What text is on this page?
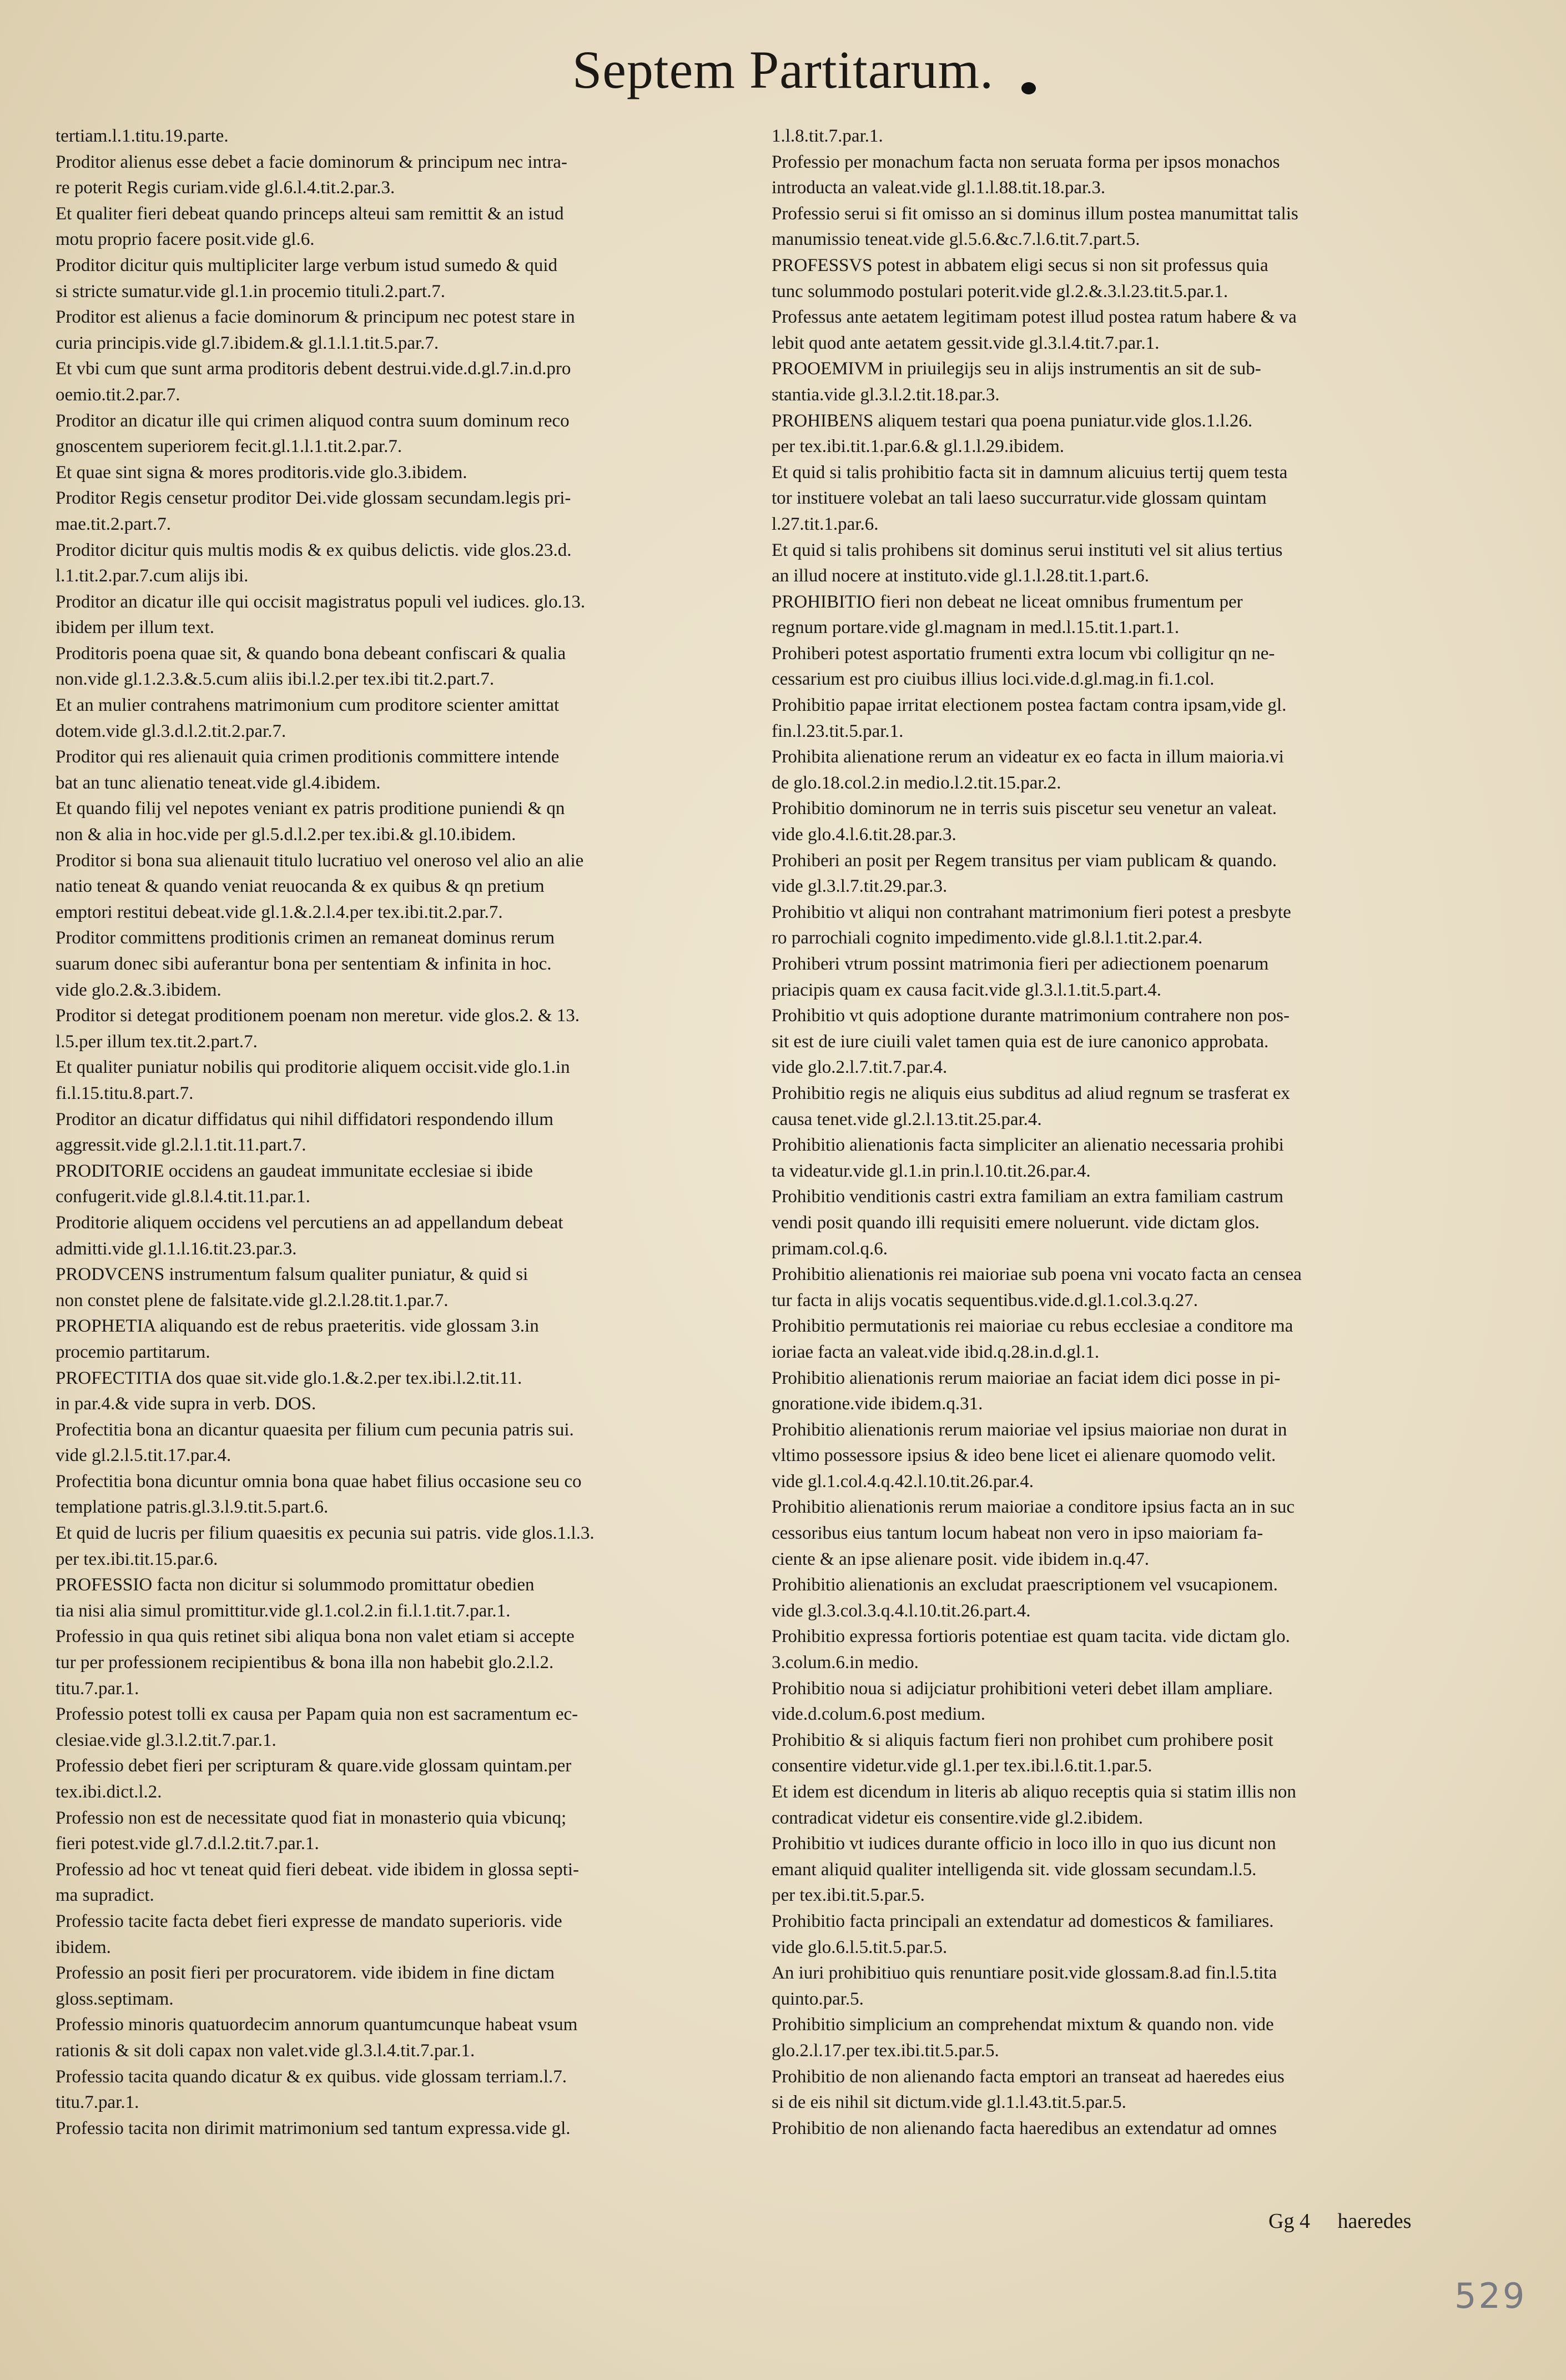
Septem Partitarum.
tertiam.l.1.titu.19.parte.
Proditor alienus esse debet a facie dominorum & principum nec intra-
re poterit Regis curiam.vide gl.6.l.4.tit.2.par.3.
Et qualiter fieri debeat quando princeps alteui sam remittit & an istud
motu proprio facere posit.vide gl.6.
Proditor dicitur quis multipliciter large verbum istud sumedo & quid
si stricte sumatur.vide gl.1.in procemio tituli.2.part.7.
Proditor est alienus a facie dominorum & principum nec potest stare in
curia principis.vide gl.7.ibidem.& gl.1.l.1.tit.5.par.7.
Et vbi cum que sunt arma proditoris debent destrui.vide.d.gl.7.in.d.pro
oemio.tit.2.par.7.
Proditor an dicatur ille qui crimen aliquod contra suum dominum reco
gnoscentem superiorem fecit.gl.1.l.1.tit.2.par.7.
Et quae sint signa & mores proditoris.vide glo.3.ibidem.
Proditor Regis censetur proditor Dei.vide glossam secundam.legis pri-
mae.tit.2.part.7.
Proditor dicitur quis multis modis & ex quibus delictis. vide glos.23.d.
l.1.tit.2.par.7.cum alijs ibi.
Proditor an dicatur ille qui occisit magistratus populi vel iudices. glo.13.
ibidem per illum text.
Proditoris poena quae sit, & quando bona debeant confiscari & qualia
non.vide gl.1.2.3.&.5.cum aliis ibi.l.2.per tex.ibi tit.2.part.7.
Et an mulier contrahens matrimonium cum proditore scienter amittat
dotem.vide gl.3.d.l.2.tit.2.par.7.
Proditor qui res alienauit quia crimen proditionis committere intende
bat an tunc alienatio teneat.vide gl.4.ibidem.
Et quando filij vel nepotes veniant ex patris proditione puniendi & qn
non & alia in hoc.vide per gl.5.d.l.2.per tex.ibi.& gl.10.ibidem.
Proditor si bona sua alienauit titulo lucratiuo vel oneroso vel alio an alie
natio teneat & quando veniat reuocanda & ex quibus & qn pretium
emptori restitui debeat.vide gl.1.&.2.l.4.per tex.ibi.tit.2.par.7.
Proditor committens proditionis crimen an remaneat dominus rerum
suarum donec sibi auferantur bona per sententiam & infinita in hoc.
vide glo.2.&.3.ibidem.
Proditor si detegat proditionem poenam non meretur. vide glos.2. & 13.
l.5.per illum tex.tit.2.part.7.
Et qualiter puniatur nobilis qui proditorie aliquem occisit.vide glo.1.in
fi.l.15.titu.8.part.7.
Proditor an dicatur diffidatus qui nihil diffidatori respondendo illum
aggressit.vide gl.2.l.1.tit.11.part.7.
PRODITORIE occidens an gaudeat immunitate ecclesiae si ibide
confugerit.vide gl.8.l.4.tit.11.par.1.
Proditorie aliquem occidens vel percutiens an ad appellandum debeat
admitti.vide gl.1.l.16.tit.23.par.3.
PRODVCENS instrumentum falsum qualiter puniatur, & quid si
non constet plene de falsitate.vide gl.2.l.28.tit.1.par.7.
PROPHETIA aliquando est de rebus praeteritis. vide glossam 3.in
procemio partitarum.
PROFECTITIA dos quae sit.vide glo.1.&.2.per tex.ibi.l.2.tit.11.
in par.4.& vide supra in verb. DOS.
Profectitia bona an dicantur quaesita per filium cum pecunia patris sui.
vide gl.2.l.5.tit.17.par.4.
Profectitia bona dicuntur omnia bona quae habet filius occasione seu co
templatione patris.gl.3.l.9.tit.5.part.6.
Et quid de lucris per filium quaesitis ex pecunia sui patris. vide glos.1.l.3.
per tex.ibi.tit.15.par.6.
PROFESSIO facta non dicitur si solummodo promittatur obedien
tia nisi alia simul promittitur.vide gl.1.col.2.in fi.l.1.tit.7.par.1.
Professio in qua quis retinet sibi aliqua bona non valet etiam si accepte
tur per professionem recipientibus & bona illa non habebit glo.2.l.2.
titu.7.par.1.
Professio potest tolli ex causa per Papam quia non est sacramentum ec-
clesiae.vide gl.3.l.2.tit.7.par.1.
Professio debet fieri per scripturam & quare.vide glossam quintam.per
tex.ibi.dict.l.2.
Professio non est de necessitate quod fiat in monasterio quia vbicunq;
fieri potest.vide gl.7.d.l.2.tit.7.par.1.
Professio ad hoc vt teneat quid fieri debeat. vide ibidem in glossa septi-
ma supradict.
Professio tacite facta debet fieri expresse de mandato superioris. vide
ibidem.
Professio an posit fieri per procuratorem. vide ibidem in fine dictam
gloss.septimam.
Professio minoris quatuordecim annorum quantumcunque habeat vsum
rationis & sit doli capax non valet.vide gl.3.l.4.tit.7.par.1.
Professio tacita quando dicatur & ex quibus. vide glossam terriam.l.7.
titu.7.par.1.
Professio tacita non dirimit matrimonium sed tantum expressa.vide gl.
1.l.8.tit.7.par.1.
Professio per monachum facta non seruata forma per ipsos monachos
introducta an valeat.vide gl.1.l.88.tit.18.par.3.
Professio serui si fit omisso an si dominus illum postea manumittat talis
manumissio teneat.vide gl.5.6.&c.7.l.6.tit.7.part.5.
PROFESSVS potest in abbatem eligi secus si non sit professus quia
tunc solummodo postulari poterit.vide gl.2.&.3.l.23.tit.5.par.1.
Professus ante aetatem legitimam potest illud postea ratum habere & va
lebit quod ante aetatem gessit.vide gl.3.l.4.tit.7.par.1.
PROOEMIVM in priuilegijs seu in alijs instrumentis an sit de sub-
stantia.vide gl.3.l.2.tit.18.par.3.
PROHIBENS aliquem testari qua poena puniatur.vide glos.1.l.26.
per tex.ibi.tit.1.par.6.& gl.1.l.29.ibidem.
Et quid si talis prohibitio facta sit in damnum alicuius tertij quem testa
tor instituere volebat an tali laeso succurratur.vide glossam quintam
l.27.tit.1.par.6.
Et quid si talis prohibens sit dominus serui instituti vel sit alius tertius
an illud nocere at instituto.vide gl.1.l.28.tit.1.part.6.
PROHIBITIO fieri non debeat ne liceat omnibus frumentum per
regnum portare.vide gl.magnam in med.l.15.tit.1.part.1.
Prohiberi potest asportatio frumenti extra locum vbi colligitur qn ne-
cessarium est pro ciuibus illius loci.vide.d.gl.mag.in fi.1.col.
Prohibitio papae irritat electionem postea factam contra ipsam,vide gl.
fin.l.23.tit.5.par.1.
Prohibita alienatione rerum an videatur ex eo facta in illum maioria.vi
de glo.18.col.2.in medio.l.2.tit.15.par.2.
Prohibitio dominorum ne in terris suis piscetur seu venetur an valeat.
vide glo.4.l.6.tit.28.par.3.
Prohiberi an posit per Regem transitus per viam publicam & quando.
vide gl.3.l.7.tit.29.par.3.
Prohibitio vt aliqui non contrahant matrimonium fieri potest a presbyte
ro parrochiali cognito impedimento.vide gl.8.l.1.tit.2.par.4.
Prohiberi vtrum possint matrimonia fieri per adiectionem poenarum
priacipis quam ex causa facit.vide gl.3.l.1.tit.5.part.4.
Prohibitio vt quis adoptione durante matrimonium contrahere non pos-
sit est de iure ciuili valet tamen quia est de iure canonico approbata.
vide glo.2.l.7.tit.7.par.4.
Prohibitio regis ne aliquis eius subditus ad aliud regnum se trasferat ex
causa tenet.vide gl.2.l.13.tit.25.par.4.
Prohibitio alienationis facta simpliciter an alienatio necessaria prohibi
ta videatur.vide gl.1.in prin.l.10.tit.26.par.4.
Prohibitio venditionis castri extra familiam an extra familiam castrum
vendi posit quando illi requisiti emere noluerunt. vide dictam glos.
primam.col.q.6.
Prohibitio alienationis rei maioriae sub poena vni vocato facta an censea
tur facta in alijs vocatis sequentibus.vide.d.gl.1.col.3.q.27.
Prohibitio permutationis rei maioriae cu rebus ecclesiae a conditore ma
ioriae facta an valeat.vide ibid.q.28.in.d.gl.1.
Prohibitio alienationis rerum maioriae an faciat idem dici posse in pi-
gnoratione.vide ibidem.q.31.
Prohibitio alienationis rerum maioriae vel ipsius maioriae non durat in
vltimo possessore ipsius & ideo bene licet ei alienare quomodo velit.
vide gl.1.col.4.q.42.l.10.tit.26.par.4.
Prohibitio alienationis rerum maioriae a conditore ipsius facta an in suc
cessoribus eius tantum locum habeat non vero in ipso maioriam fa-
ciente & an ipse alienare posit. vide ibidem in.q.47.
Prohibitio alienationis an excludat praescriptionem vel vsucapionem.
vide gl.3.col.3.q.4.l.10.tit.26.part.4.
Prohibitio expressa fortioris potentiae est quam tacita. vide dictam glo.
3.colum.6.in medio.
Prohibitio noua si adijciatur prohibitioni veteri debet illam ampliare.
vide.d.colum.6.post medium.
Prohibitio & si aliquis factum fieri non prohibet cum prohibere posit
consentire videtur.vide gl.1.per tex.ibi.l.6.tit.1.par.5.
Et idem est dicendum in literis ab aliquo receptis quia si statim illis non
contradicat videtur eis consentire.vide gl.2.ibidem.
Prohibitio vt iudices durante officio in loco illo in quo ius dicunt non
emant aliquid qualiter intelligenda sit. vide glossam secundam.l.5.
per tex.ibi.tit.5.par.5.
Prohibitio facta principali an extendatur ad domesticos & familiares.
vide glo.6.l.5.tit.5.par.5.
An iuri prohibitiuo quis renuntiare posit.vide glossam.8.ad fin.l.5.tita
quinto.par.5.
Prohibitio simplicium an comprehendat mixtum & quando non. vide
glo.2.l.17.per tex.ibi.tit.5.par.5.
Prohibitio de non alienando facta emptori an transeat ad haeredes eius
si de eis nihil sit dictum.vide gl.1.l.43.tit.5.par.5.
Prohibitio de non alienando facta haeredibus an extendatur ad omnes
Gg 4 haeredes
529
